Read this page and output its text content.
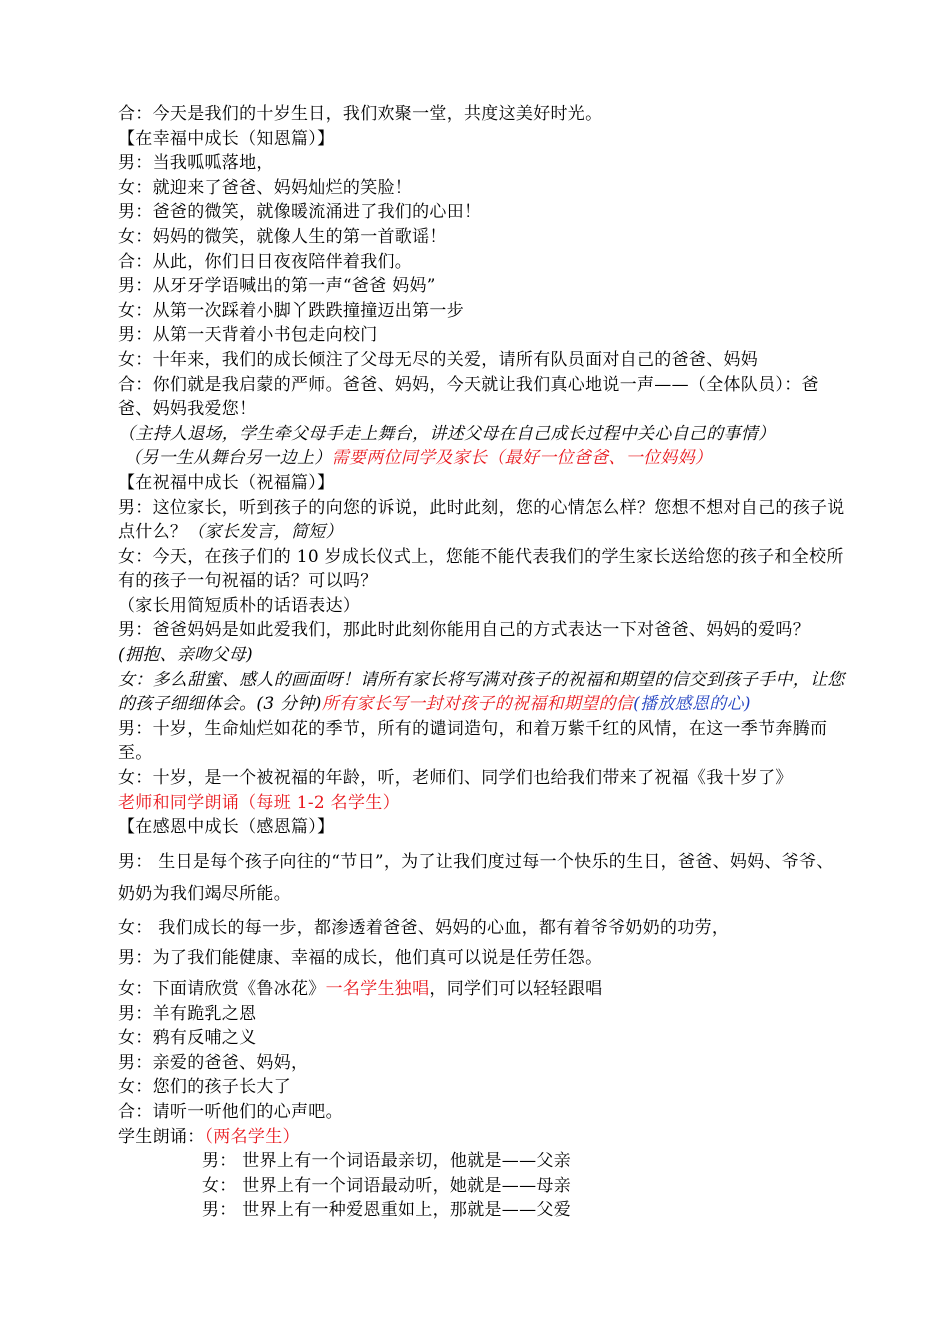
合：今天是我们的十岁生日，我们欢聚一堂，共度这美好时光。
【在幸福中成长（知恩篇）】
男：当我呱呱落地，
女：就迎来了爸爸、妈妈灿烂的笑脸！
男：爸爸的微笑，就像暖流涌进了我们的心田！
女：妈妈的微笑，就像人生的第一首歌谣！
合：从此，你们日日夜夜陪伴着我们。
男：从牙牙学语喊出的第一声“爸爸 妈妈”
女：从第一次踩着小脚丫跌跌撞撞迈出第一步
男：从第一天背着小书包走向校门
女：十年来，我们的成长倾注了父母无尽的关爱，请所有队员面对自己的爸爸、妈妈
合：你们就是我启蒙的严师。爸爸、妈妈，今天就让我们真心地说一声——（全体队员）：爸爸、妈妈我爱您！
（主持人退场，学生牵父母手走上舞台，讲述父母在自己成长过程中关心自己的事情）
（另一生从舞台另一边上）需要两位同学及家长（最好一位爸爸、一位妈妈）
【在祝福中成长（祝福篇）】
男：这位家长，听到孩子的向您的诉说，此时此刻，您的心情怎么样？您想不想对自己的孩子说点什么？（家长发言，简短）
女：今天，在孩子们的 10 岁成长仪式上，您能不能代表我们的学生家长送给您的孩子和全校所有的孩子一句祝福的话？可以吗？
（家长用简短质朴的话语表达）
男：爸爸妈妈是如此爱我们，那此时此刻你能用自己的方式表达一下对爸爸、妈妈的爱吗？
(拥抱、亲吻父母)
女：多么甜蜜、感人的画面呀！请所有家长将写满对孩子的祝福和期望的信交到孩子手中，让您的孩子细细体会。(3 分钟)所有家长写一封对孩子的祝福和期望的信(播放感恩的心)
男：十岁，生命灿烂如花的季节，所有的谴词造句，和着万紫千红的风情，在这一季节奔腾而至。
女：十岁，是一个被祝福的年龄，听，老师们、同学们也给我们带来了祝福《我十岁了》
老师和同学朗诵（每班 1-2 名学生）
【在感恩中成长（感恩篇）】
男： 生日是每个孩子向往的“节日”，为了让我们度过每一个快乐的生日，爸爸、妈妈、爷爷、奶奶为我们竭尽所能。
女： 我们成长的每一步，都渗透着爸爸、妈妈的心血，都有着爷爷奶奶的功劳，
男：为了我们能健康、幸福的成长，他们真可以说是任劳任怨。
女：下面请欣赏《鲁冰花》一名学生独唱，同学们可以轻轻跟唱
男：羊有跪乳之恩
女：鸦有反哺之义
男：亲爱的爸爸、妈妈，
女：您们的孩子长大了
合：请听一听他们的心声吧。
学生朗诵：（两名学生）
男： 世界上有一个词语最亲切，他就是——父亲
女： 世界上有一个词语最动听，她就是——母亲
男： 世界上有一种爱恩重如上，那就是——父爱
